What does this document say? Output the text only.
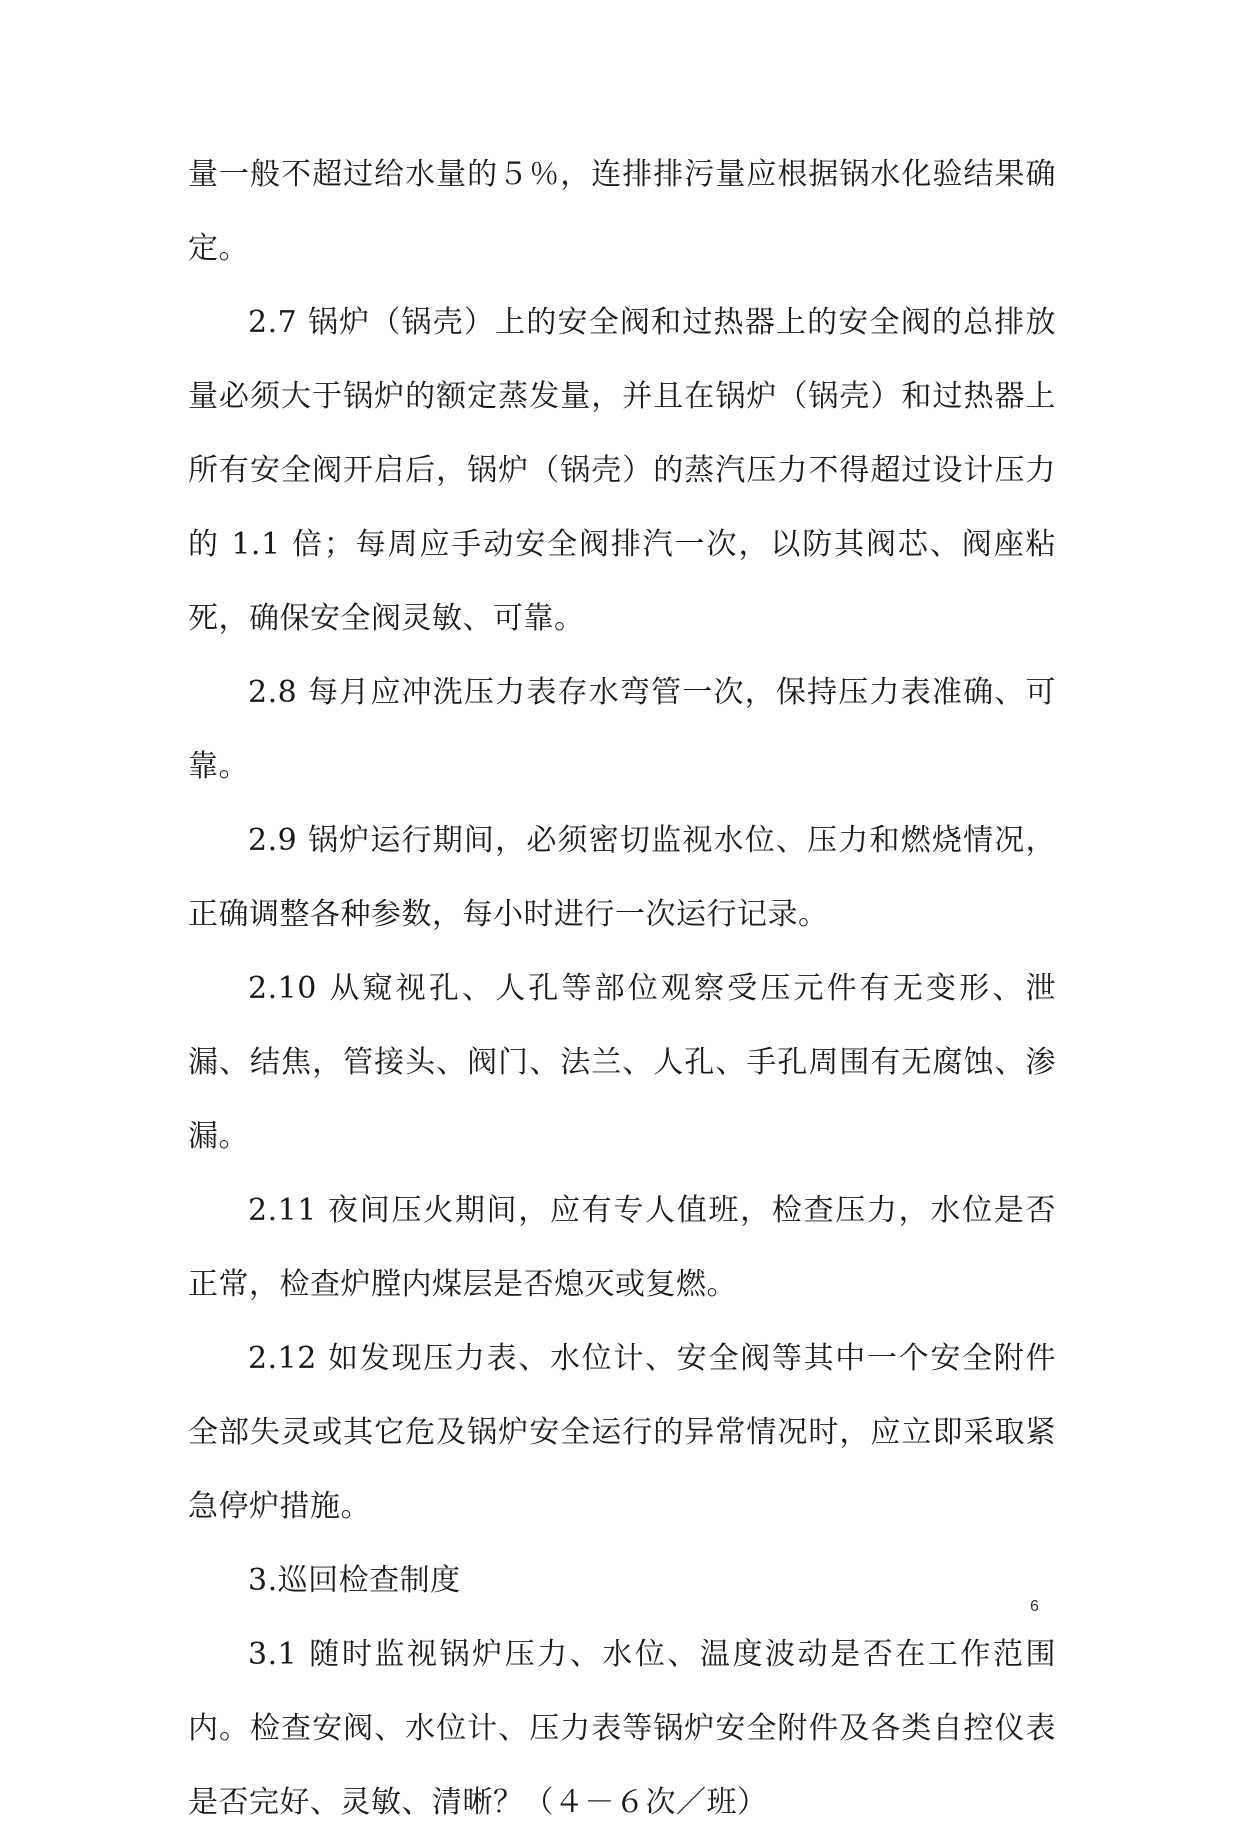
量一般不超过给水量的５％，连排排污量应根据锅水化验结果确定。

2.7 锅炉（锅壳）上的安全阀和过热器上的安全阀的总排放量必须大于锅炉的额定蒸发量，并且在锅炉（锅壳）和过热器上所有安全阀开启后，锅炉（锅壳）的蒸汽压力不得超过设计压力的 1.1 倍；每周应手动安全阀排汽一次，以防其阀芯、阀座粘死，确保安全阀灵敏、可靠。

2.8 每月应冲洗压力表存水弯管一次，保持压力表准确、可靠。

2.9 锅炉运行期间，必须密切监视水位、压力和燃烧情况，正确调整各种参数，每小时进行一次运行记录。

2.10 从窥视孔、人孔等部位观察受压元件有无变形、泄漏、结焦，管接头、阀门、法兰、人孔、手孔周围有无腐蚀、渗漏。

2.11 夜间压火期间，应有专人值班，检查压力，水位是否正常，检查炉膛内煤层是否熄灭或复燃。

2.12 如发现压力表、水位计、安全阀等其中一个安全附件全部失灵或其它危及锅炉安全运行的异常情况时，应立即采取紧急停炉措施。

3.巡回检查制度

3.1 随时监视锅炉压力、水位、温度波动是否在工作范围内。检查安阀、水位计、压力表等锅炉安全附件及各类自控仪表是否完好、灵敏、清晰？（４－６次／班）

6
